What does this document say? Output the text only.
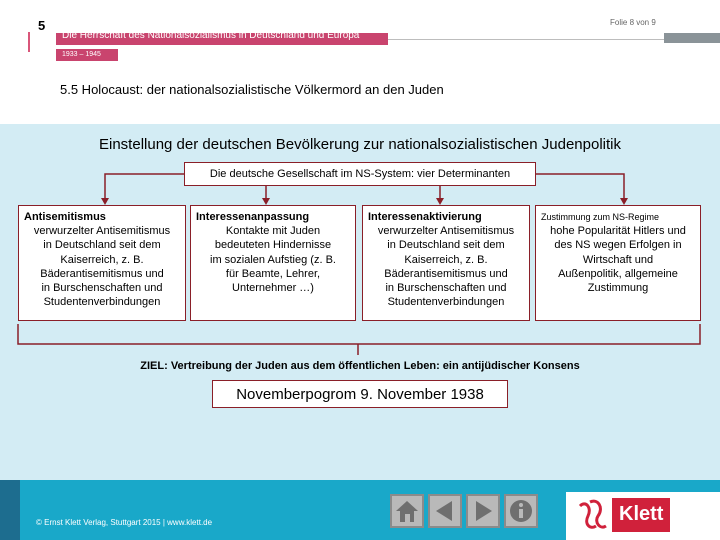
5
Die Herrschaft des Nationalsozialismus in Deutschland und Europa
Folie 8 von 9
1933 – 1945
5.5 Holocaust: der nationalsozialistische Völkermord an den Juden
Einstellung der deutschen Bevölkerung zur nationalsozialistischen Judenpolitik
Die deutsche Gesellschaft im NS-System: vier Determinanten
Antisemitismus
verwurzelter Antisemitismus
in Deutschland seit dem
Kaiserreich, z. B.
Bäderantisemitismus und
in Burschenschaften und
Studentenverbindungen
Interessenanpassung
Kontakte mit Juden
bedeuteten Hindernisse
im sozialen Aufstieg (z. B.
für Beamte, Lehrer,
Unternehmer …)
Interessenaktivierung
verwurzelter Antisemitismus
in Deutschland seit dem
Kaiserreich, z. B.
Bäderantisemitismus und
in Burschenschaften und
Studentenverbindungen
Zustimmung zum NS-Regime
hohe Popularität Hitlers und
des NS wegen Erfolgen in
Wirtschaft und
Außenpolitik, allgemeine
Zustimmung
ZIEL: Vertreibung der Juden aus dem öffentlichen Leben: ein antijüdischer Konsens
Novemberpogrom 9. November 1938
© Ernst Klett Verlag, Stuttgart 2015 | www.klett.de	Klett
